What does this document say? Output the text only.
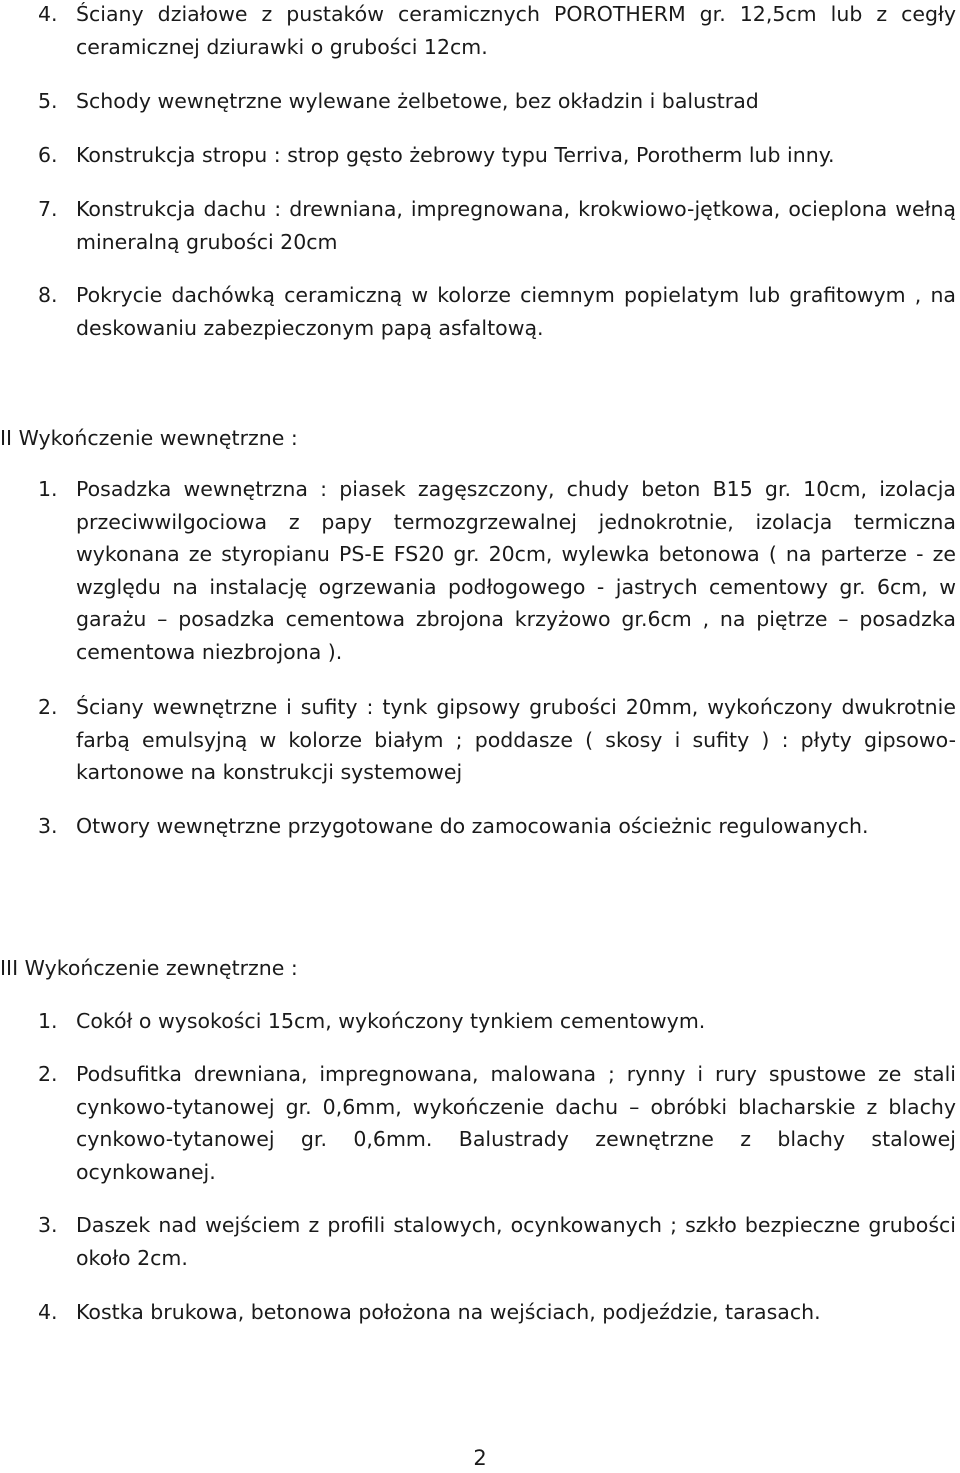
4. Ściany działowe z pustaków ceramicznych POROTHERM gr. 12,5cm lub z cegły ceramicznej dziurawki o grubości 12cm.
5. Schody wewnętrzne wylewane żelbetowe, bez okładzin i balustrad
6. Konstrukcja stropu : strop gęsto żebrowy typu Terriva, Porotherm lub inny.
7. Konstrukcja dachu : drewniana, impregnowana, krokwiowo-jętkowa, ocieplona wełną mineralną grubości 20cm
8. Pokrycie dachówką ceramiczną w kolorze ciemnym popielatym lub grafitowym , na deskowaniu zabezpieczonym papą asfaltową.
II Wykończenie wewnętrzne :
1. Posadzka wewnętrzna : piasek zagęszczony, chudy beton B15 gr. 10cm, izolacja przeciwwilgociowa z papy termozgrzewalnej jednokrotnie, izolacja termiczna wykonana ze styropianu PS-E FS20 gr. 20cm, wylewka betonowa ( na parterze - ze względu na instalację ogrzewania podłogowego - jastrych cementowy gr. 6cm, w garażu – posadzka cementowa zbrojona krzyżowo gr.6cm , na piętrze – posadzka cementowa niezbrojona ).
2. Ściany wewnętrzne i sufity : tynk gipsowy grubości 20mm, wykończony dwukrotnie farbą emulsyjną w kolorze białym ; poddasze ( skosy i sufity ) : płyty gipsowo-kartonowe na konstrukcji systemowej
3. Otwory wewnętrzne przygotowane do zamocowania ościeżnic regulowanych.
III Wykończenie zewnętrzne :
1. Cokół o wysokości 15cm, wykończony tynkiem cementowym.
2. Podsufitka drewniana, impregnowana, malowana ; rynny i rury spustowe ze stali cynkowo-tytanowej gr. 0,6mm, wykończenie dachu – obróbki blacharskie z blachy cynkowo-tytanowej gr. 0,6mm. Balustrady zewnętrzne z blachy stalowej ocynkowanej.
3. Daszek nad wejściem z profili stalowych, ocynkowanych ; szkło bezpieczne grubości około 2cm.
4. Kostka brukowa, betonowa położona na wejściach, podjeździe, tarasach.
2
